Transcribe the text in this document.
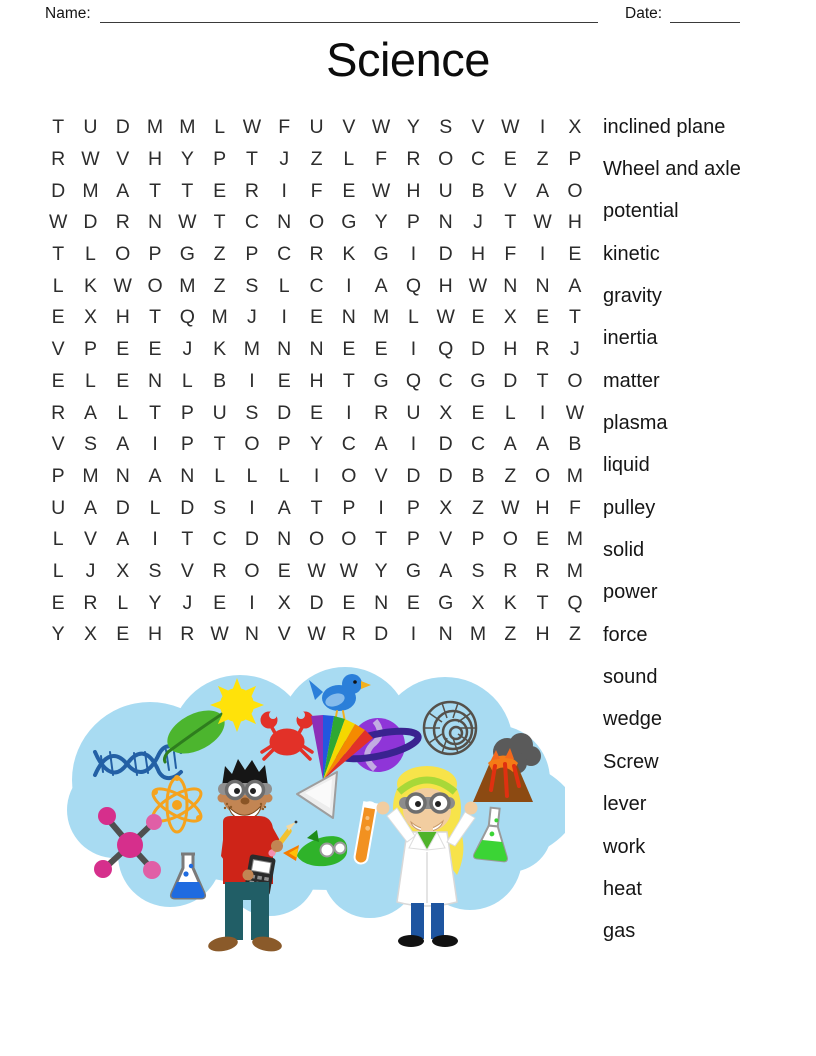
Name:	Date:
Science
T U D M M L W F U V W Y S V W	I	X
R W V H Y P	T	J	Z	L	F R O C E	Z	P
D M A	T	T	E R	I	F	E W H U B V A O
W D R N W T C N O G Y P N	J	T W H
T	L O P G Z	P C R K G	I	D H F	I	E
L	K W O M Z	S	L	C	I	A Q H W N N A
E X H T Q M J	I	E N M L W E X E	T
V P E E	J	K M N N E E	I	Q D H R	J
E	L	E N	L	B	I	E H T G Q C G D T O
R A	L	T	P U S D E	I	R U X E	L	I	W
V S A	I	P	T O P Y C A	I	D C A A B
P M N A N	L	L	L	I	O V D D B	Z O M
U A D	L	D S	I	A	T	P	I	P X	Z W H F
L	V A	I	T C D N O O T	P V P O E M
L	J	X S V R O E W W Y G A S R R M
E R	L	Y	J	E	I	X D E N E G X K	T Q
Y X E H R W N V W R D	I	N M Z H Z
inclined plane
Wheel and axle
potential
kinetic
gravity
inertia
matter
plasma
liquid
pulley
solid
power
force
sound
wedge
Screw
lever
work
heat
gas
